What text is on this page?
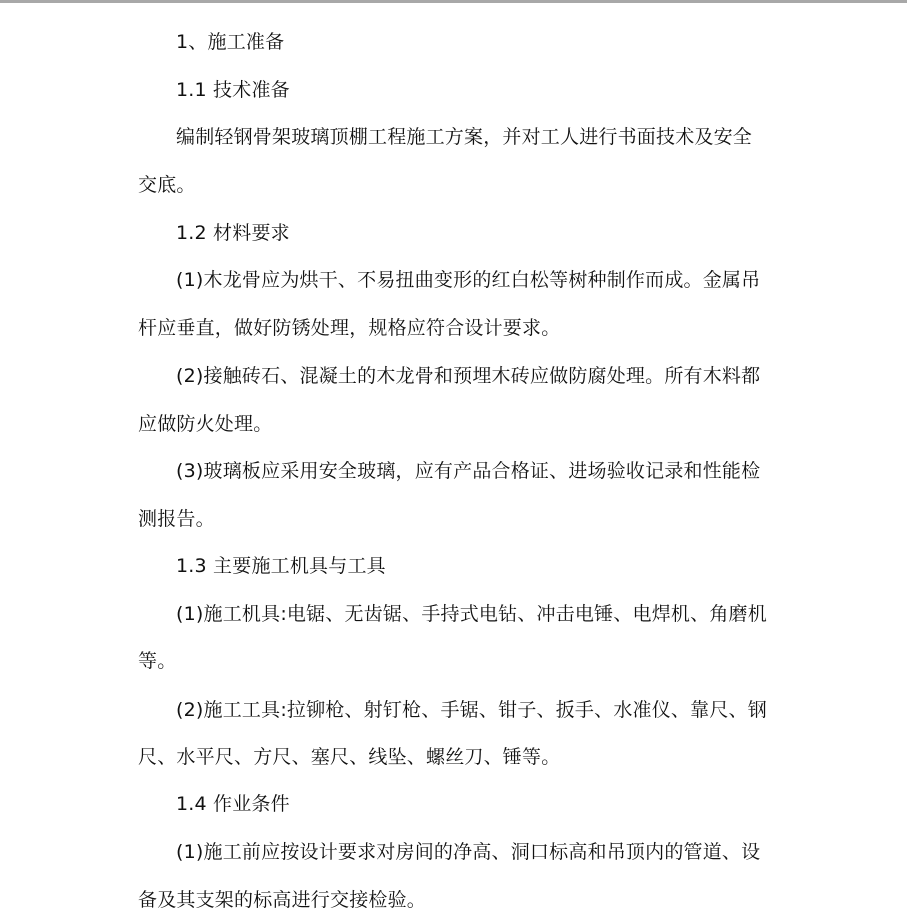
1、施工准备
1.1 技术准备
编制轻钢骨架玻璃顶棚工程施工方案，并对工人进行书面技术及安全
交底。
1.2 材料要求
(1)木龙骨应为烘干、不易扭曲变形的红白松等树种制作而成。金属吊
杆应垂直，做好防锈处理，规格应符合设计要求。
(2)接触砖石、混凝土的木龙骨和预埋木砖应做防腐处理。所有木料都
应做防火处理。
(3)玻璃板应采用安全玻璃，应有产品合格证、进场验收记录和性能检
测报告。
1.3 主要施工机具与工具
(1)施工机具:电锯、无齿锯、手持式电钻、冲击电锤、电焊机、角磨机
等。
(2)施工工具:拉铆枪、射钉枪、手锯、钳子、扳手、水准仪、靠尺、钢
尺、水平尺、方尺、塞尺、线坠、螺丝刀、锤等。
1.4 作业条件
(1)施工前应按设计要求对房间的净高、洞口标高和吊顶内的管道、设
备及其支架的标高进行交接检验。
